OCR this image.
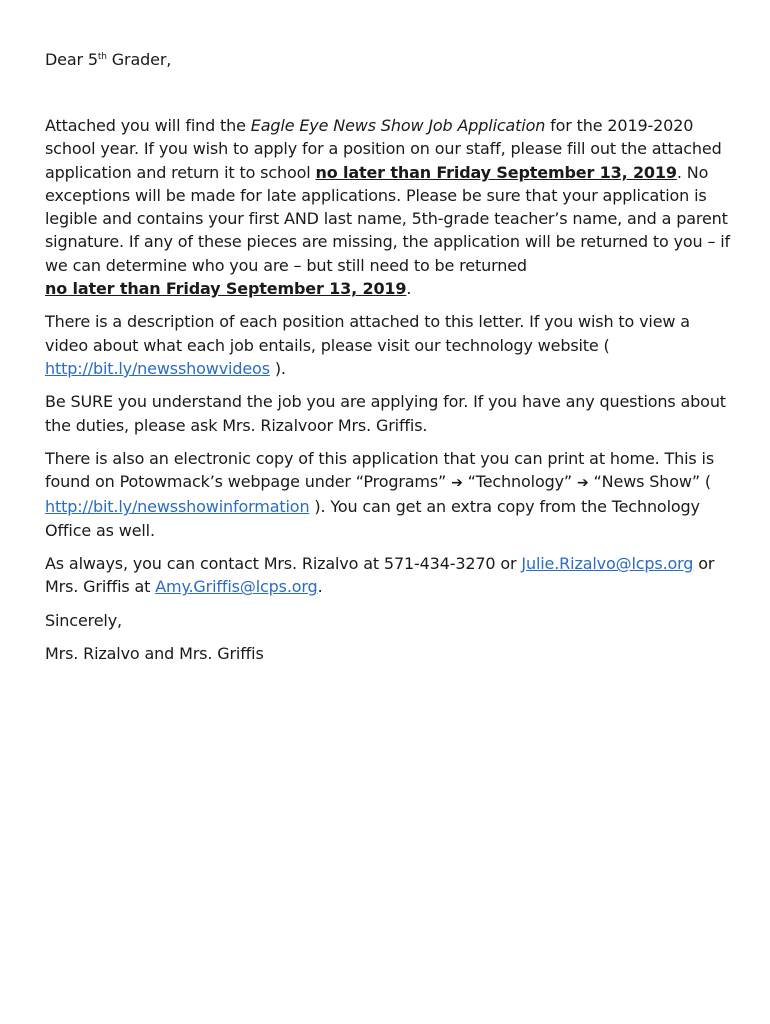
Dear 5th Grader,

Attached you will find the Eagle Eye News Show Job Application for the 2019-2020 school year. If you wish to apply for a position on our staff, please fill out the attached application and return it to school no later than Friday September 13, 2019. No exceptions will be made for late applications. Please be sure that your application is legible and contains your first AND last name, 5th-grade teacher’s name, and a parent signature. If any of these pieces are missing, the application will be returned to you – if we can determine who you are – but still need to be returned no later than Friday September 13, 2019.

There is a description of each position attached to this letter. If you wish to view a video about what each job entails, please visit our technology website ( http://bit.ly/newsshowvideos ).

Be SURE you understand the job you are applying for. If you have any questions about the duties, please ask Mrs. Rizalvoor Mrs. Griffis.

There is also an electronic copy of this application that you can print at home. This is found on Potowmack’s webpage under “Programs” ➔ “Technology” ➔ “News Show” ( http://bit.ly/newsshowinformation ). You can get an extra copy from the Technology Office as well.

As always, you can contact Mrs. Rizalvo at 571-434-3270 or Julie.Rizalvo@lcps.org or Mrs. Griffis at Amy.Griffis@lcps.org.

Sincerely,

Mrs. Rizalvo and Mrs. Griffis
